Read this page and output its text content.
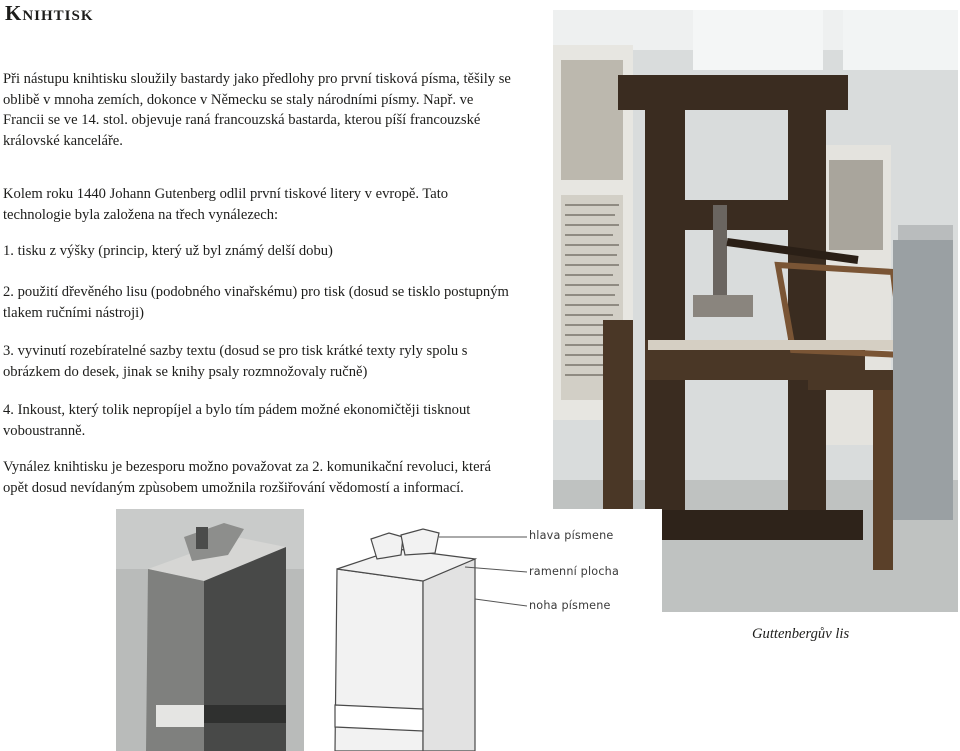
Knihtisk

Při nástupu knihtisku sloužily bastardy jako předlohy pro první tisková písma, těšily se oblibě v mnoha zemích, dokonce v Německu se staly národními písmy. Např. ve Francii se ve 14. stol. objevuje raná francouzská bastarda, kterou píší francouzské královské kanceláře.

Kolem roku 1440 Johann Gutenberg odlil první tiskové litery v evropě. Tato technologie byla založena na třech vynálezech:

1. tisku z výšky (princip, který už byl známý delší dobu)

2. použití dřevěného lisu (podobného vinařskému) pro tisk (dosud se tisklo postupným tlakem ručními nástroji)

3. vyvinutí rozebíratelné sazby textu (dosud se pro tisk krátké texty ryly spolu s obrázkem do desek, jinak se knihy psaly rozmnožovaly ručně)

4. Inkoust, který tolik nepropíjel a bylo tím pádem možné ekonomičtěji tisknout voboustranně.

Vynález knihtisku je bezesporu možno považovat za 2. komunikační revoluci, která opět dosud nevídaným zpùsobem umožnila rozšiřování vědomostí a informací.

Guttenbergův lis
hlava písmene
ramenní plocha
noha písmene
